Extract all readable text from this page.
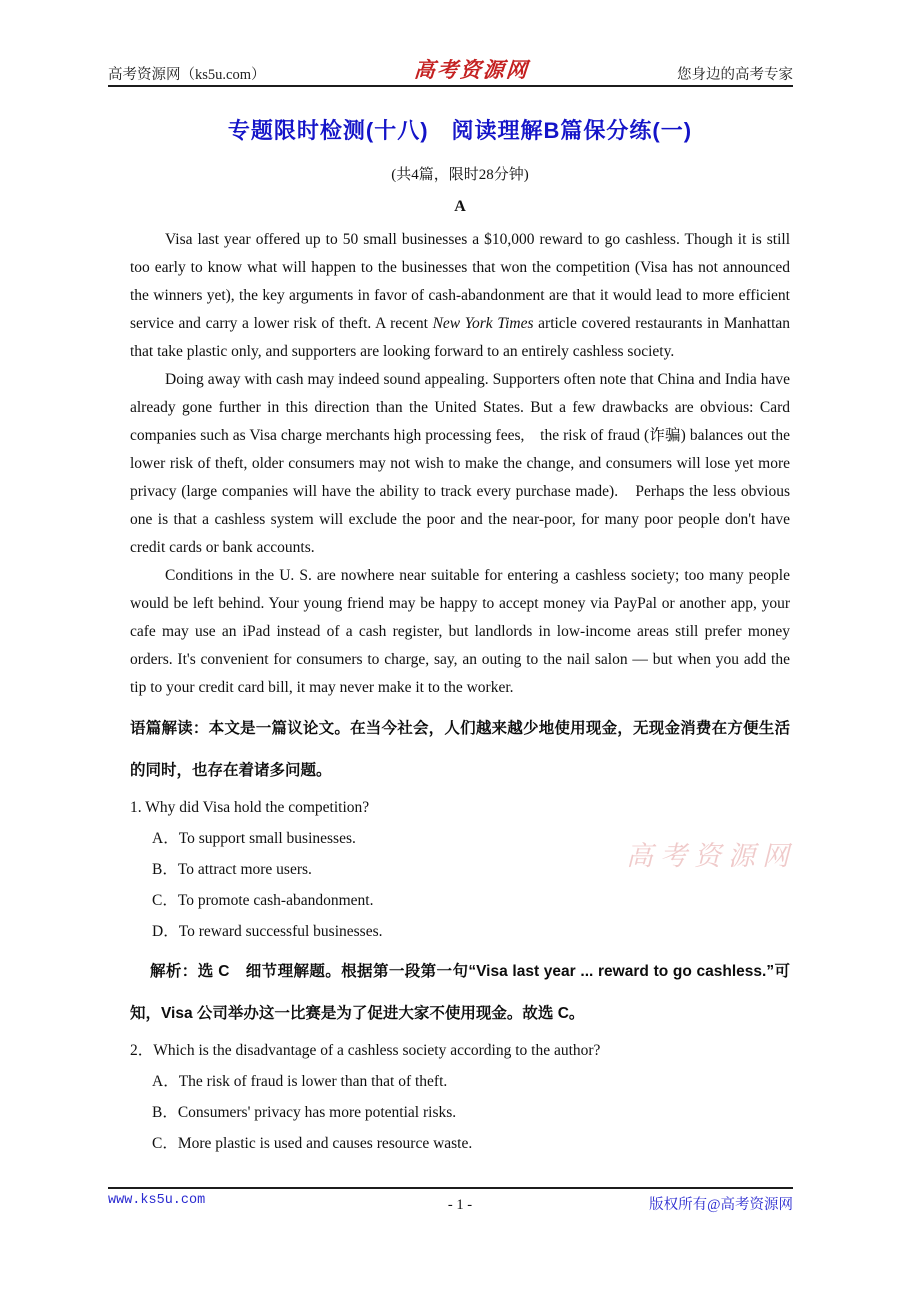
高考资源网（ks5u.com）	高考资源网	您身边的高考专家
专题限时检测(十八)　阅读理解B篇保分练(一)
(共4篇，限时28分钟)
A

Visa last year offered up to 50 small businesses a $10,000 reward to go cashless. Though it is still too early to know what will happen to the businesses that won the competition (Visa has not announced the winners yet), the key arguments in favor of cash-abandonment are that it would lead to more efficient service and carry a lower risk of theft. A recent New York Times article covered restaurants in Manhattan that take plastic only, and supporters are looking forward to an entirely cashless society.

Doing away with cash may indeed sound appealing. Supporters often note that China and India have already gone further in this direction than the United States. But a few drawbacks are obvious: Card companies such as Visa charge merchants high processing fees,　the risk of fraud (诈骗) balances out the lower risk of theft, older consumers may not wish to make the change, and consumers will lose yet more privacy (large companies will have the ability to track every purchase made).　Perhaps the less obvious one is that a cashless system will exclude the poor and the near-poor, for many poor people don't have credit cards or bank accounts.

Conditions in the U. S. are nowhere near suitable for entering a cashless society; too many people would be left behind. Your young friend may be happy to accept money via PayPal or another app, your cafe may use an iPad instead of a cash register, but landlords in low-income areas still prefer money orders. It's convenient for consumers to charge, say, an outing to the nail salon — but when you add the tip to your credit card bill, it may never make it to the worker.

语篇解读：本文是一篇议论文。在当今社会，人们越来越少地使用现金，无现金消费在方便生活的同时，也存在着诸多问题。

1. Why did Visa hold the competition?
A．To support small businesses.
B．To attract more users.
C．To promote cash-abandonment.
D．To reward successful businesses.

解析：选 C　细节理解题。根据第一段第一句“Visa last year ... reward to go cashless.”可知，Visa 公司举办这一比赛是为了促进大家不使用现金。故选 C。

2．Which is the disadvantage of a cashless society according to the author?
A．The risk of fraud is lower than that of theft.
B．Consumers' privacy has more potential risks.
C．More plastic is used and causes resource waste.
高考资源网
www.ks5u.com	版权所有@高考资源网
- 1 -
